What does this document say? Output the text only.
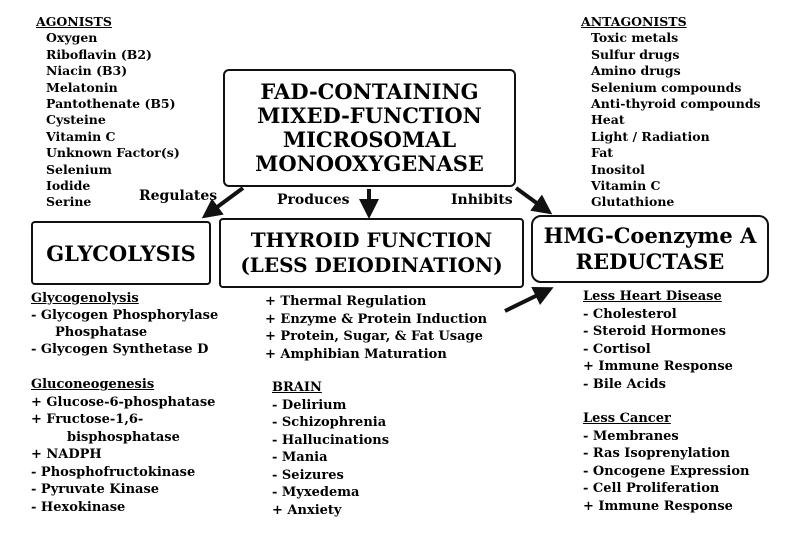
AGONISTS
Oxygen
Riboflavin (B2)
Niacin (B3)
Melatonin
Pantothenate (B5)
Cysteine
Vitamin C
Unknown Factor(s)
Selenium
Iodide
Serine
ANTAGONISTS
Toxic metals
Sulfur drugs
Amino drugs
Selenium compounds
Anti-thyroid compounds
Heat
Light / Radiation
Fat
Inositol
Vitamin C
Glutathione
FAD-CONTAINING
MIXED-FUNCTION
MICROSOMAL
MONOOXYGENASE
Regulates	Produces	Inhibits
GLYCOLYSIS
THYROID FUNCTION
(LESS DEIODINATION)
HMG-Coenzyme A
REDUCTASE
Glycogenolysis
- Glycogen Phosphorylase
Phosphatase
- Glycogen Synthetase D
Gluconeogenesis
+ Glucose-6-phosphatase
+ Fructose-1,6-
bisphosphatase
+ NADPH
- Phosphofructokinase
- Pyruvate Kinase
- Hexokinase
+ Thermal Regulation
+ Enzyme & Protein Induction
+ Protein, Sugar, & Fat Usage
+ Amphibian Maturation
BRAIN
- Delirium
- Schizophrenia
- Hallucinations
- Mania
- Seizures
- Myxedema
+ Anxiety
Less Heart Disease
- Cholesterol
- Steroid Hormones
- Cortisol
+ Immune Response
- Bile Acids
Less Cancer
- Membranes
- Ras Isoprenylation
- Oncogene Expression
- Cell Proliferation
+ Immune Response
